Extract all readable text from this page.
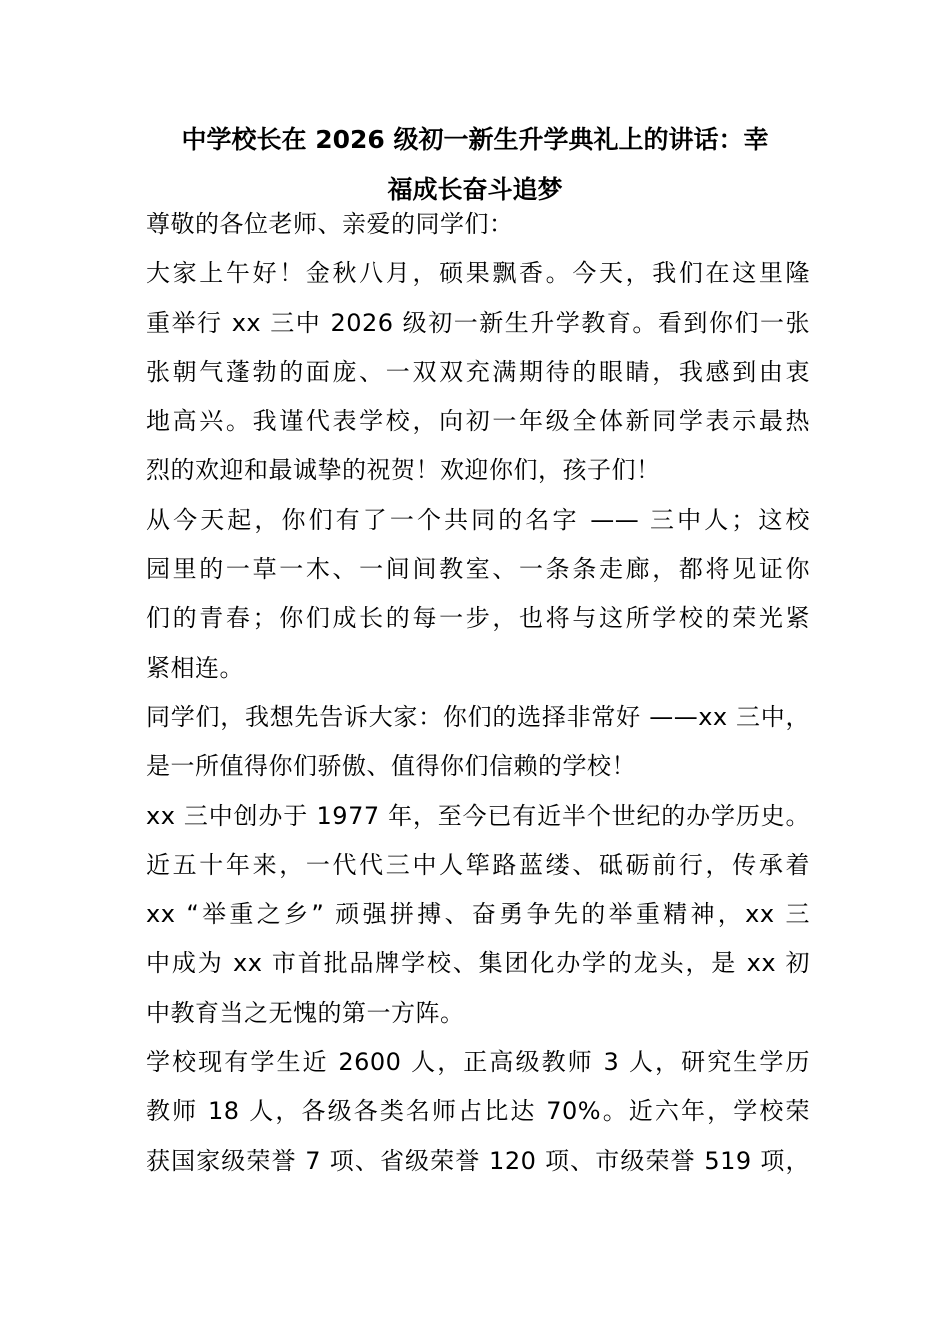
中学校长在 2026 级初一新生升学典礼上的讲话：幸
福成长奋斗追梦
尊敬的各位老师、亲爱的同学们：
大家上午好！金秋八月，硕果飘香。今天，我们在这里隆
重举行 xx 三中 2026 级初一新生升学教育。看到你们一张
张朝气蓬勃的面庞、一双双充满期待的眼睛，我感到由衷
地高兴。我谨代表学校，向初一年级全体新同学表示最热
烈的欢迎和最诚挚的祝贺！欢迎你们，孩子们！
从今天起，你们有了一个共同的名字 —— 三中人；这校
园里的一草一木、一间间教室、一条条走廊，都将见证你
们的青春；你们成长的每一步，也将与这所学校的荣光紧
紧相连。
同学们，我想先告诉大家：你们的选择非常好 ——xx 三中，
是一所值得你们骄傲、值得你们信赖的学校！
xx 三中创办于 1977 年，至今已有近半个世纪的办学历史。
近五十年来，一代代三中人筚路蓝缕、砥砺前行，传承着
xx “举重之乡” 顽强拼搏、奋勇争先的举重精神，xx 三
中成为 xx 市首批品牌学校、集团化办学的龙头，是 xx 初
中教育当之无愧的第一方阵。
学校现有学生近 2600 人，正高级教师 3 人，研究生学历
教师 18 人，各级各类名师占比达 70%。近六年，学校荣
获国家级荣誉 7 项、省级荣誉 120 项、市级荣誉 519 项，
